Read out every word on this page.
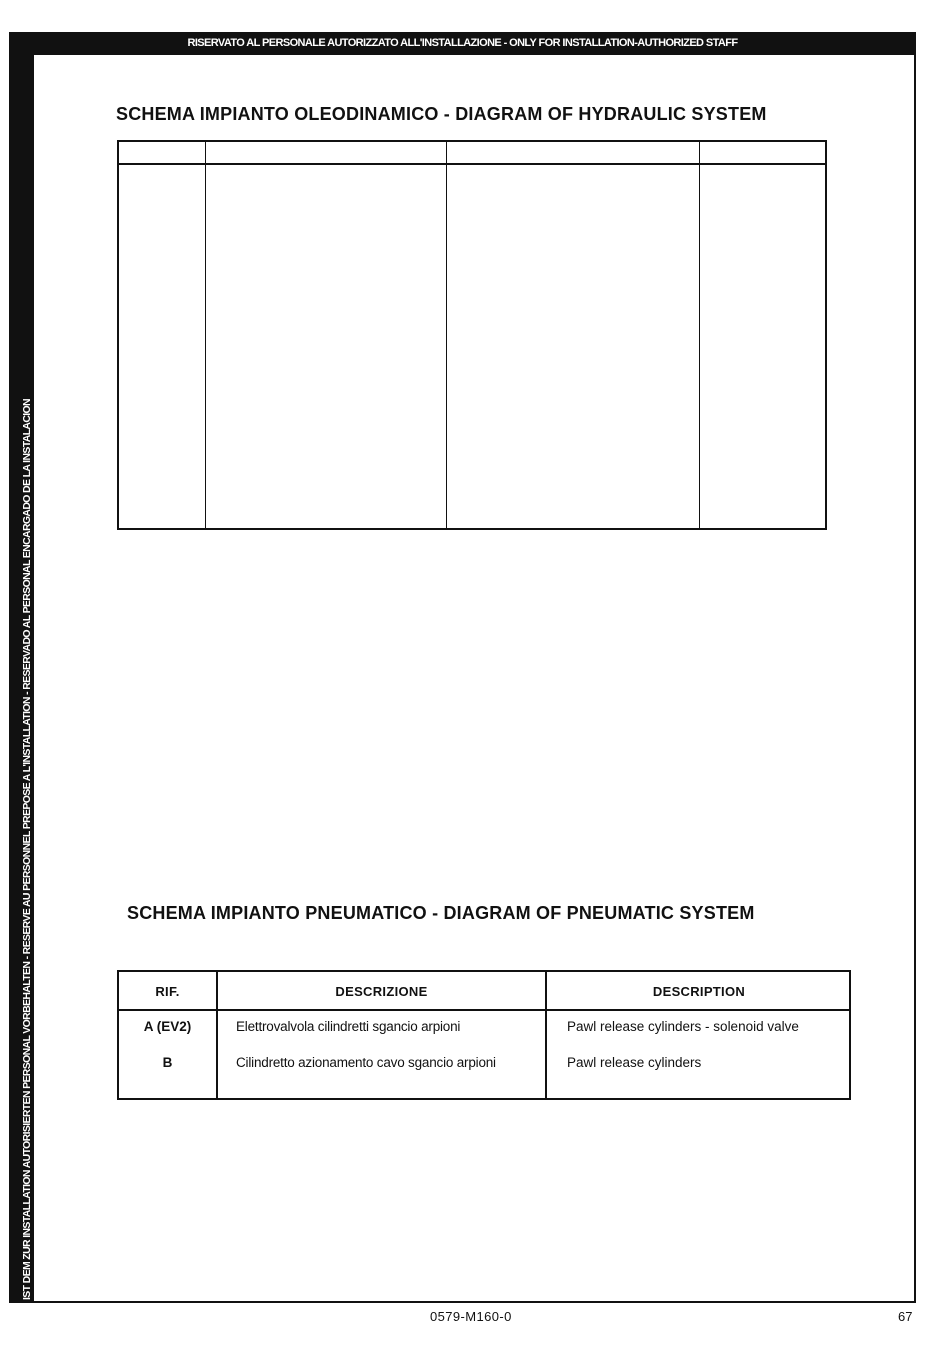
IST DEM ZUR INSTALLATION AUTORISIERTEN PERSONAL VORBEHALTEN - RESERVE AU PERSONNEL PREPOSE A L'INSTALLATION - RESERVADO AL PERSONAL ENCARGADO DE LA INSTALACION
RISERVATO AL PERSONALE AUTORIZZATO ALL'INSTALLAZIONE - ONLY FOR INSTALLATION-AUTHORIZED STAFF
SCHEMA IMPIANTO OLEODINAMICO - DIAGRAM OF HYDRAULIC SYSTEM
SCHEMA IMPIANTO PNEUMATICO - DIAGRAM OF PNEUMATIC SYSTEM
RIF.	DESCRIZIONE	DESCRIPTION
A (EV2)	Elettrovalvola cilindretti sgancio arpioni	Pawl release cylinders - solenoid valve
B	Cilindretto azionamento cavo sgancio arpioni	Pawl release cylinders
0579-M160-0	67
